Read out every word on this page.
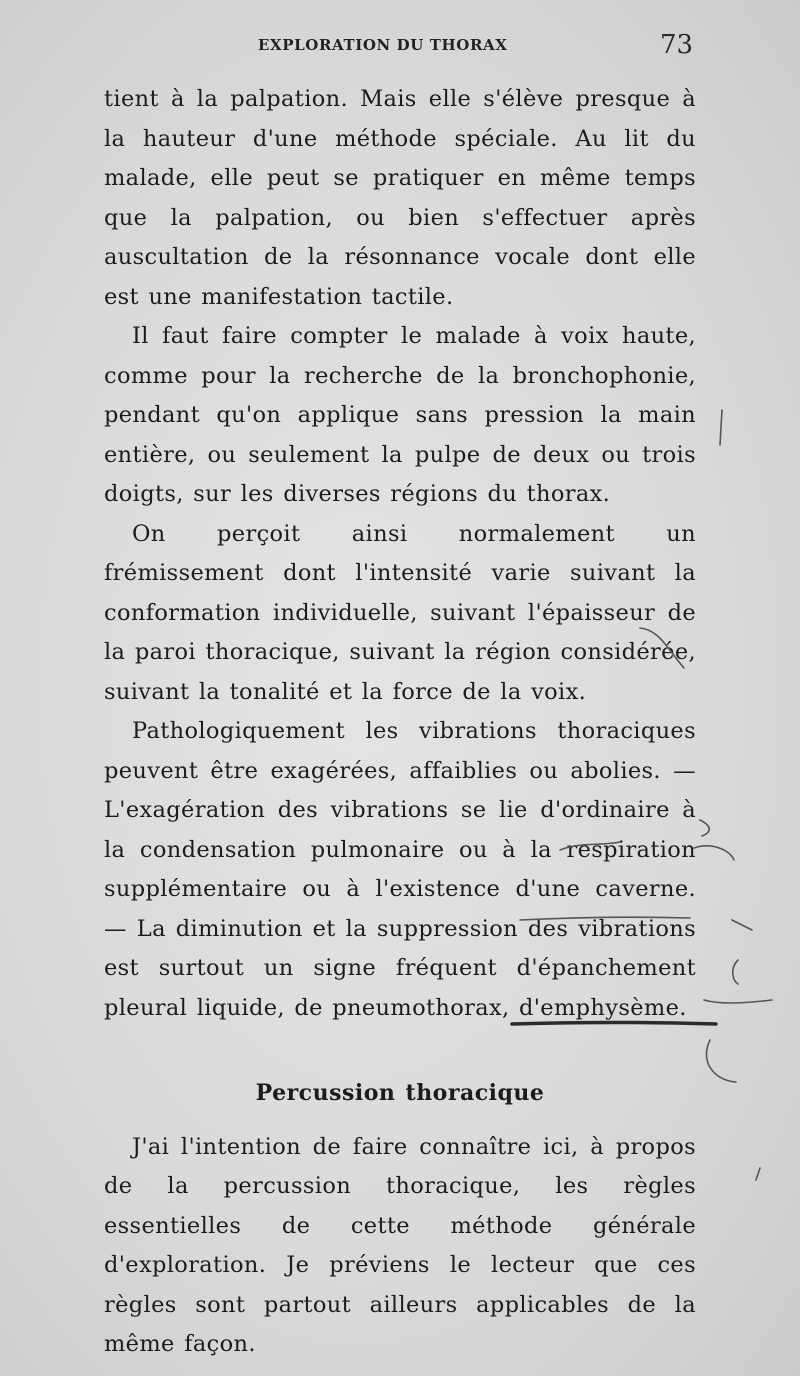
EXPLORATION DU THORAX	73

tient à la palpation. Mais elle s'élève presque à la hauteur d'une méthode spéciale. Au lit du malade, elle peut se pratiquer en même temps que la palpation, ou bien s'effectuer après auscultation de la résonnance vocale dont elle est une manifestation tactile.

Il faut faire compter le malade à voix haute, comme pour la recherche de la bronchophonie, pendant qu'on applique sans pression la main entière, ou seulement la pulpe de deux ou trois doigts, sur les diverses régions du thorax.

On perçoit ainsi normalement un frémissement dont l'intensité varie suivant la conformation individuelle, suivant l'épaisseur de la paroi thoracique, suivant la région considérée, suivant la tonalité et la force de la voix.

Pathologiquement les vibrations thoraciques peuvent être exagérées, affaiblies ou abolies. — L'exagération des vibrations se lie d'ordinaire à la condensation pulmonaire ou à la respiration supplémentaire ou à l'existence d'une caverne. — La diminution et la suppression des vibrations est surtout un signe fréquent d'épanchement pleural liquide, de pneumothorax, d'emphysème.

Percussion thoracique

J'ai l'intention de faire connaître ici, à propos de la percussion thoracique, les règles essentielles de cette méthode générale d'exploration. Je préviens le lecteur que ces règles sont partout ailleurs applicables de la même façon.
